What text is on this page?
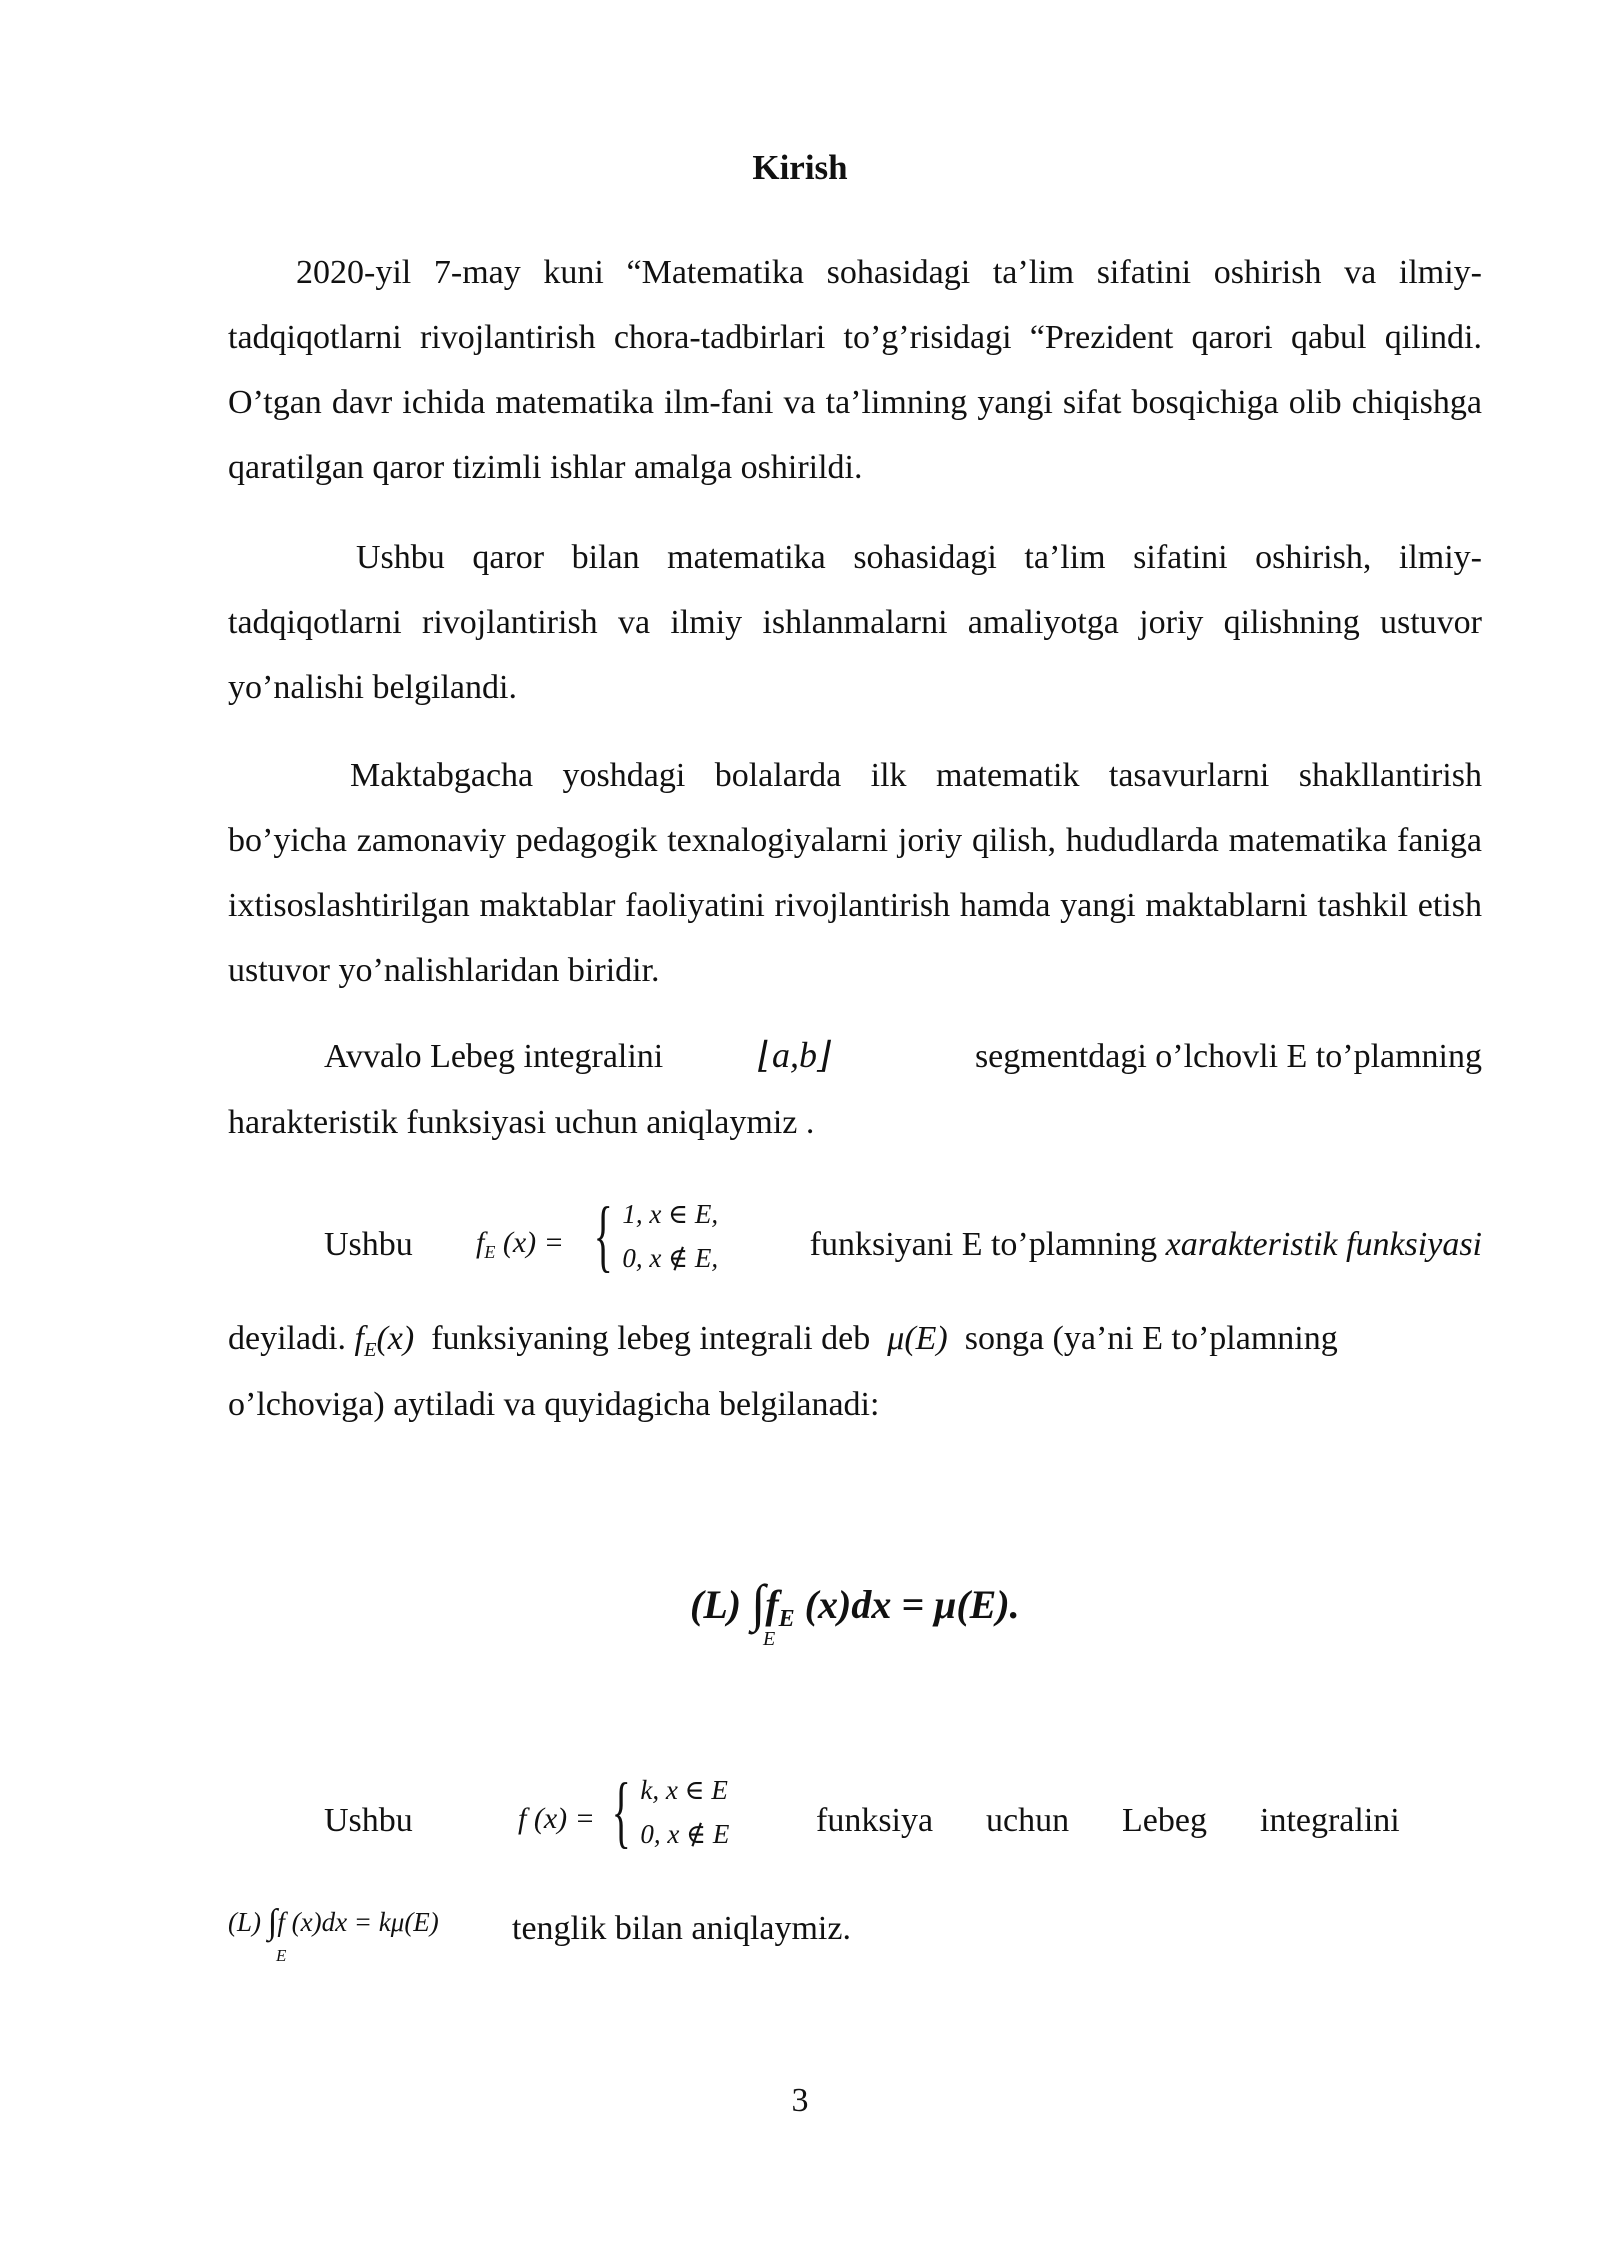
Kirish
2020-yil 7-may kuni “Matematika sohasidagi ta’lim sifatini oshirish va ilmiy-tadqiqotlarni rivojlantirish chora-tadbirlari to’g’risidagi “Prezident qarori qabul qilindi. O’tgan davr ichida matematika ilm-fani va ta’limning yangi sifat bosqichiga olib chiqishga qaratilgan qaror tizimli ishlar amalga oshirildi.
Ushbu qaror bilan matematika sohasidagi ta’lim sifatini oshirish, ilmiy-tadqiqotlarni rivojlantirish va ilmiy ishlanmalarni amaliyotga joriy qilishning ustuvor yo’nalishi belgilandi.
Maktabgacha yoshdagi bolalarda ilk matematik tasavurlarni shakllantirish bo’yicha zamonaviy pedagogik texnalogiyalarni joriy qilish, hududlarda matematika faniga ixtisoslashtirilgan maktablar faoliyatini rivojlantirish hamda yangi maktablarni tashkil etish ustuvor yo’nalishlaridan biridir.
Avvalo Lebeg integralini	⌊a,b⌋	segmentdagi o’lchovli E to’plamning
harakteristik funksiyasi uchun aniqlaymiz .
Ushbu $f_E$ (x) = { 1, x ∈ E,
0, x ∉ E,	funksiyani E to’plamning xarakteristik funksiyasi
deyiladi. $f_E(x)$ funksiyaning lebeg integrali deb μ(E) songa (ya’ni E to’plamning
o’lchoviga) aytiladi va quyidagicha belgilanadi:
(L) $\int f_E$ (x)dx = μ(E).
E
Ushbu	f (x) = { k, x ∈ E
0, x ∉ E	funksiya uchun Lebeg integralini
(L) ∫f (x)dx = kμ(E)
E
tenglik bilan aniqlaymiz.
3
